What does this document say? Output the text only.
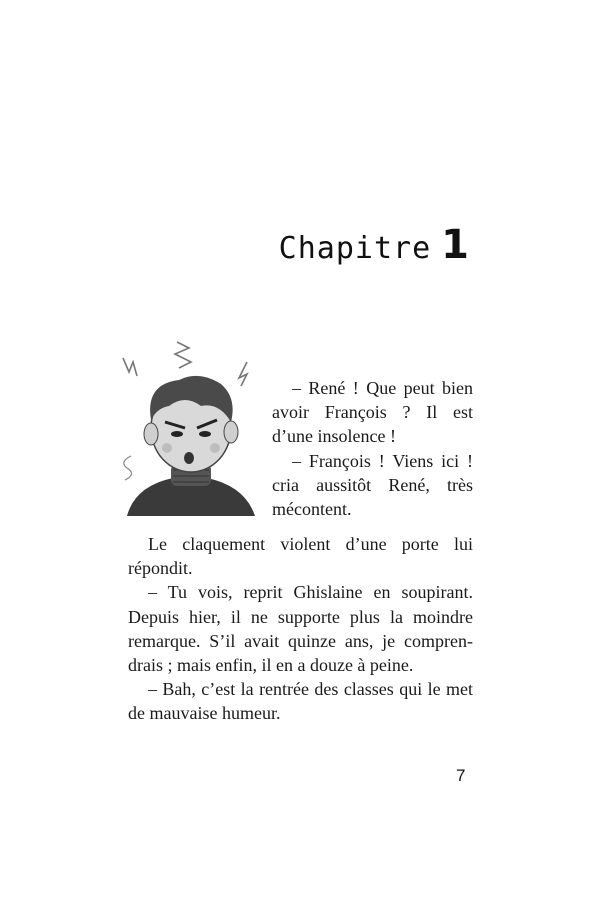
Chapitre 1

– René ! Que peut bien avoir François ? Il est d’une insolence !

– François ! Viens ici ! cria aussitôt René, très mécontent.

Le claquement violent d’une porte lui répondit.

– Tu vois, reprit Ghislaine en soupirant. Depuis hier, il ne supporte plus la moindre remarque. S’il avait quinze ans, je comprendrais ; mais enfin, il en a douze à peine.

– Bah, c’est la rentrée des classes qui le met de mauvaise humeur.

7
